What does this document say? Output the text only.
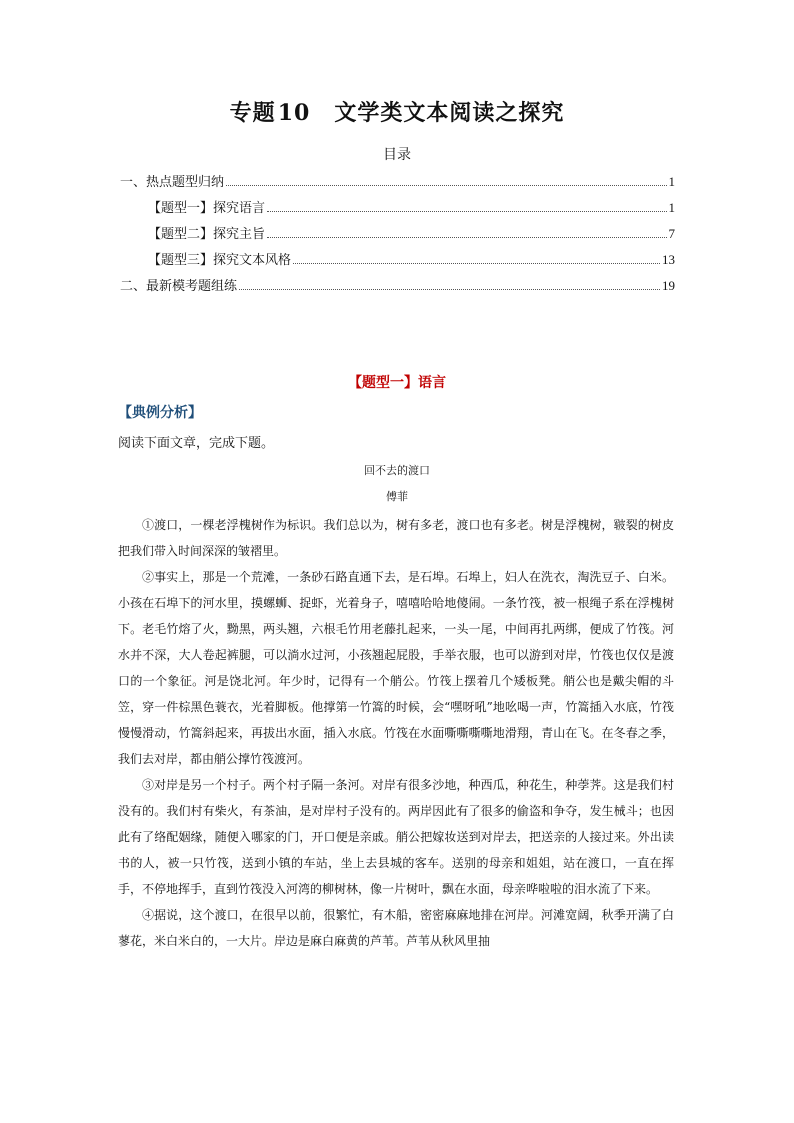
专题10 文学类文本阅读之探究
目录
一、热点题型归纳	1
【题型一】探究语言	1
【题型二】探究主旨	7
【题型三】探究文本风格	13
二、最新模考题组练	19
【题型一】语言
【典例分析】
阅读下面文章，完成下题。
回不去的渡口
傅菲

①渡口，一棵老浮槐树作为标识。我们总以为，树有多老，渡口也有多老。树是浮槐树，皲裂的树皮把我们带入时间深深的皱褶里。

②事实上，那是一个荒滩，一条砂石路直通下去，是石埠。石埠上，妇人在洗衣，淘洗豆子、白米。小孩在石埠下的河水里，摸螺蛳、捉虾，光着身子，嘻嘻哈哈地傻闹。一条竹筏，被一根绳子系在浮槐树下。老毛竹熔了火，黝黑，两头翘，六根毛竹用老藤扎起来，一头一尾，中间再扎两绑，便成了竹筏。河水并不深，大人卷起裤腿，可以淌水过河，小孩翘起屁股，手举衣服，也可以游到对岸，竹筏也仅仅是渡口的一个象征。河是饶北河。年少时，记得有一个艄公。竹筏上摆着几个矮板凳。艄公也是戴尖帽的斗笠，穿一件棕黑色蓑衣，光着脚板。他撑第一竹篙的时候，会“嘿呀吼”地吆喝一声，竹篙插入水底，竹筏慢慢滑动，竹篙斜起来，再拔出水面，插入水底。竹筏在水面嘶嘶嘶嘶地滑翔，青山在飞。在冬春之季，我们去对岸，都由艄公撑竹筏渡河。

③对岸是另一个村子。两个村子隔一条河。对岸有很多沙地，种西瓜，种花生，种荸荠。这是我们村没有的。我们村有柴火，有茶油，是对岸村子没有的。两岸因此有了很多的偷盗和争夺，发生械斗；也因此有了络配姻缘，随便入哪家的门，开口便是亲戚。艄公把嫁妆送到对岸去，把送亲的人接过来。外出读书的人，被一只竹筏，送到小镇的车站，坐上去县城的客车。送别的母亲和姐姐，站在渡口，一直在挥手，不停地挥手，直到竹筏没入河湾的柳树林，像一片树叶，飘在水面，母亲哗啦啦的泪水流了下来。

④据说，这个渡口，在很早以前，很繁忙，有木船，密密麻麻地排在河岸。河滩宽阔，秋季开满了白蓼花，米白米白的，一大片。岸边是麻白麻黄的芦苇。芦苇从秋风里抽
